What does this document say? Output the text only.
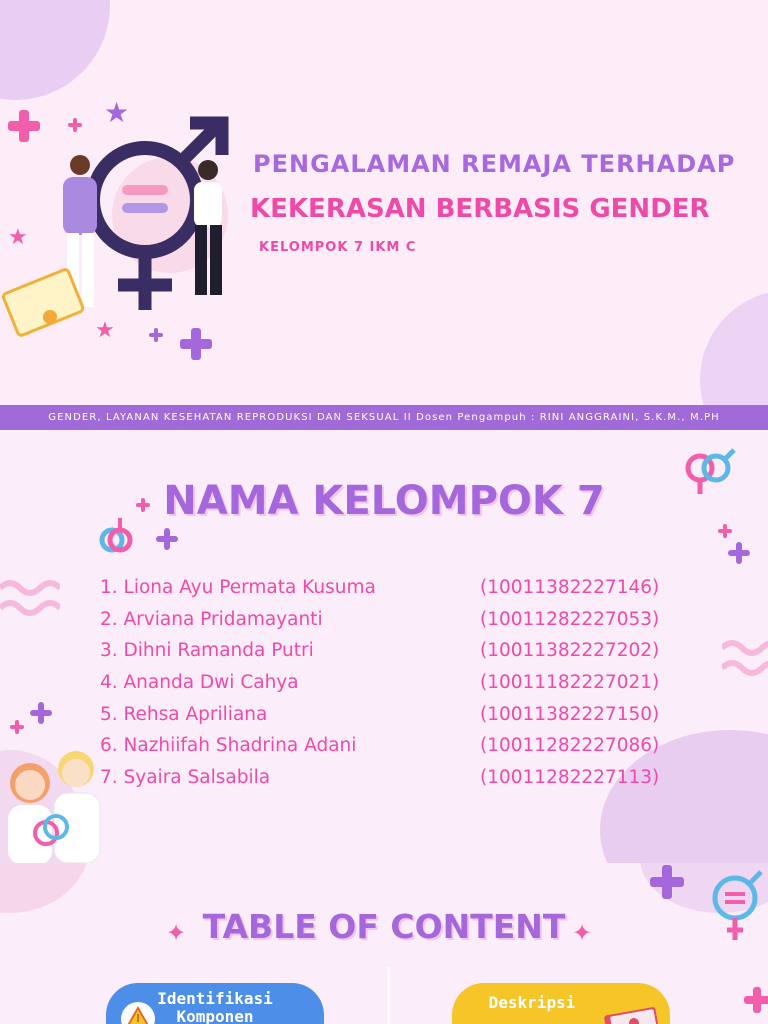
★
★
★
PENGALAMAN REMAJA TERHADAP
KEKERASAN BERBASIS GENDER
KELOMPOK 7 IKM C
GENDER, LAYANAN KESEHATAN REPRODUKSI DAN SEKSUAL II Dosen Pengampuh : RINI ANGGRAINI, S.K.M., M.PH
NAMA KELOMPOK 7
1. Liona Ayu Permata Kusuma	(10011382227146)
2. Arviana Pridamayanti	(10011282227053)
3. Dihni Ramanda Putri	(10011382227202)
4. Ananda Dwi Cahya	(10011182227021)
5. Rehsa Apriliana	(10011382227150)
6. Nazhiifah Shadrina Adani	(10011282227086)
7. Syaira Salsabila	(10011282227113)
✦	✦
TABLE OF CONTENT
Identifikasi
Komponen
Deskripsi
